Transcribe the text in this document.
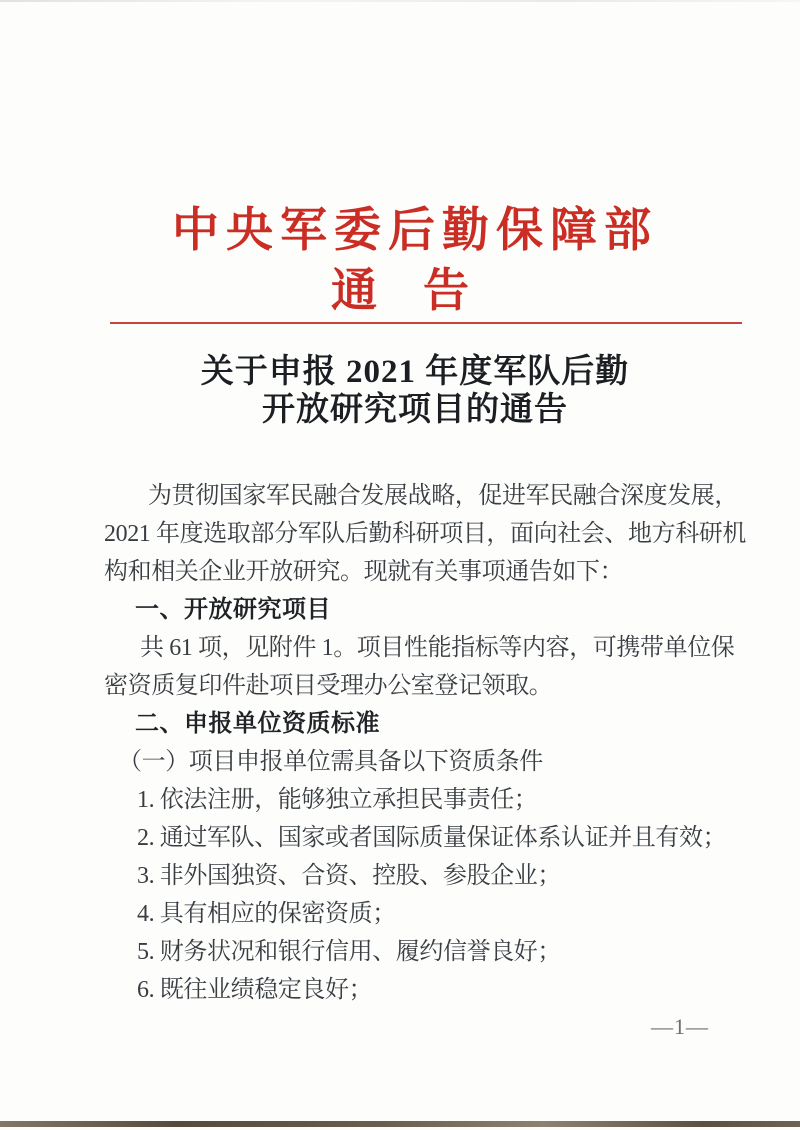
中央军委后勤保障部
通　告
关于申报 2021 年度军队后勤
开放研究项目的通告
为贯彻国家军民融合发展战略，促进军民融合深度发展，
2021 年度选取部分军队后勤科研项目，面向社会、地方科研机
构和相关企业开放研究。现就有关事项通告如下：
一、开放研究项目
共 61 项，见附件 1。项目性能指标等内容，可携带单位保
密资质复印件赴项目受理办公室登记领取。
二、申报单位资质标准
（一）项目申报单位需具备以下资质条件
1. 依法注册，能够独立承担民事责任；
2. 通过军队、国家或者国际质量保证体系认证并且有效；
3. 非外国独资、合资、控股、参股企业；
4. 具有相应的保密资质；
5. 财务状况和银行信用、履约信誉良好；
6. 既往业绩稳定良好；
—1—
